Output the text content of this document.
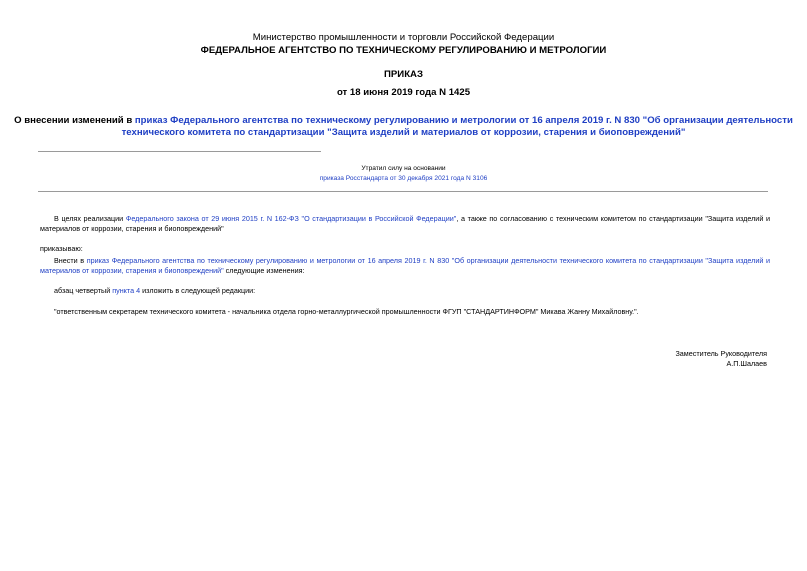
Министерство промышленности и торговли Российской Федерации
ФЕДЕРАЛЬНОЕ АГЕНТСТВО ПО ТЕХНИЧЕСКОМУ РЕГУЛИРОВАНИЮ И МЕТРОЛОГИИ
ПРИКАЗ
от 18 июня 2019 года N 1425
О внесении изменений в приказ Федерального агентства по техническому регулированию и метрологии от 16 апреля 2019 г. N 830 "Об организации деятельности
технического комитета по стандартизации "Защита изделий и материалов от коррозии, старения и биоповреждений"
Утратил силу на основании
приказа Росстандарта от 30 декабря 2021 года N 3106
В целях реализации Федерального закона от 29 июня 2015 г. N 162-ФЗ "О стандартизации в Российской Федерации", а также по согласованию с техническим комитетом по стандартизации "Защита изделий и материалов от коррозии, старения и биоповреждений"
приказываю:
Внести в приказ Федерального агентства по техническому регулированию и метрологии от 16 апреля 2019 г. N 830 "Об организации деятельности технического комитета по стандартизации "Защита изделий и материалов от коррозии, старения и биоповреждений" следующие изменения:
абзац четвертый пункта 4 изложить в следующей редакции:
"ответственным секретарем технического комитета - начальника отдела горно-металлургической промышленности ФГУП "СТАНДАРТИНФОРМ" Микава Жанну Михайловну.".
Заместитель Руководителя
А.П.Шалаев
